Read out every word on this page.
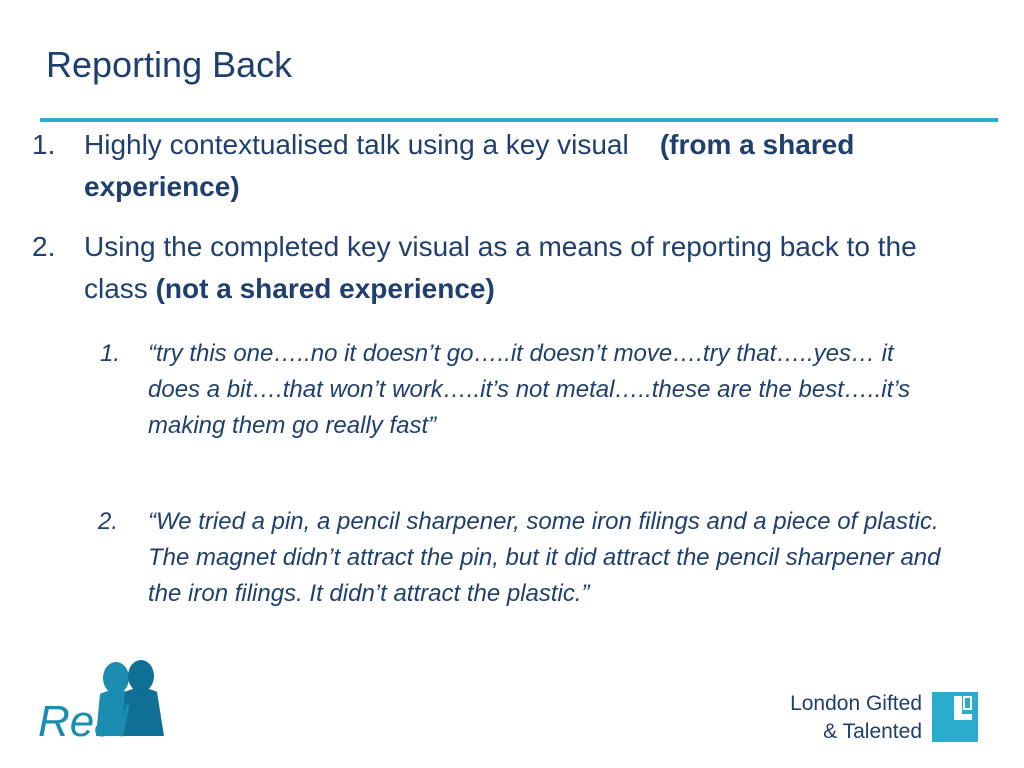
Reporting Back
1. Highly contextualised talk using a key visual (from a shared experience)
2. Using the completed key visual as a means of reporting back to the class (not a shared experience)
1. “try this one…..no it doesn’t go…..it doesn’t move….try that…..yes… it does a bit….that won’t work…..it’s not metal…..these are the best…..it’s making them go really fast”
2. “We tried a pin, a pencil sharpener, some iron filings and a piece of plastic. The magnet didn’t attract the pin, but it did attract the pencil sharpener and the iron filings. It didn’t attract the plastic.”
Real	London Gifted
& Talented
